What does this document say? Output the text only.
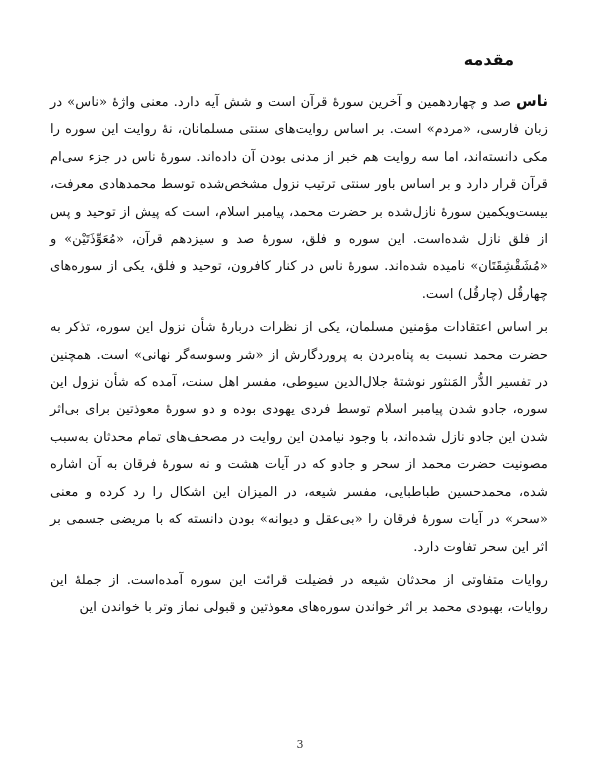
مقدمه

ناس صد و چهاردهمین و آخرین سورهٔ قرآن است و شش آیه دارد. معنی واژهٔ «ناس» در زبان فارسی، «مردم» است. بر اساس روایت‌های سنتی مسلمانان، نهٔ روایت این سوره را مکی دانسته‌اند، اما سه روایت هم خبر از مدنی بودن آن داده‌اند. سورهٔ ناس در جزء سی‌ام قرآن قرار دارد و بر اساس باور سنتی ترتیب نزول مشخص‌شده توسط محمدهادی معرفت، بیست‌ویکمین سورهٔ نازل‌شده بر حضرت محمد، پیامبر اسلام، است که پیش از توحید و پس از فلق نازل شده‌است. این سوره و فلق، سورهٔ صد و سیزدهم قرآن، «مُعَوِّذَتَیْن» و «مُشَقْشِقَتَان» نامیده شده‌اند. سورهٔ ناس در کنار کافرون، توحید و فلق، یکی از سوره‌های چهارقُل (چارقُل) است.

بر اساس اعتقادات مؤمنین مسلمان، یکی از نظرات دربارهٔ شأن نزول این سوره، تذکر به حضرت محمد نسبت به پناه‌بردن به پروردگارش از «شر وسوسه‌گر نهانی» است. همچنین در تفسیر الدُّر المَنثور نوشتهٔ جلال‌الدین سیوطی، مفسر اهل سنت، آمده که شأن نزول این سوره، جادو شدن پیامبر اسلام توسط فردی یهودی بوده و دو سورهٔ معوذتین برای بی‌اثر شدن این جادو نازل شده‌اند، با وجود نیامدن این روایت در مصحف‌های تمام محدثان به‌سبب مصونیت حضرت محمد از سحر و جادو که در آیات هشت و نه سورهٔ فرقان به آن اشاره شده، محمدحسین طباطبایی، مفسر شیعه، در المیزان این اشکال را رد کرده و معنی «سحر» در آیات سورهٔ فرقان را «بی‌عقل و دیوانه» بودن دانسته که با مریضی جسمی بر اثر این سحر تفاوت دارد.

روایات متفاوتی از محدثان شیعه در فضیلت قرائت این سوره آمده‌است. از جملهٔ این روایات، بهبودی محمد بر اثر خواندن سوره‌های معوذتین و قبولی نماز وتر با خواندن این

3
